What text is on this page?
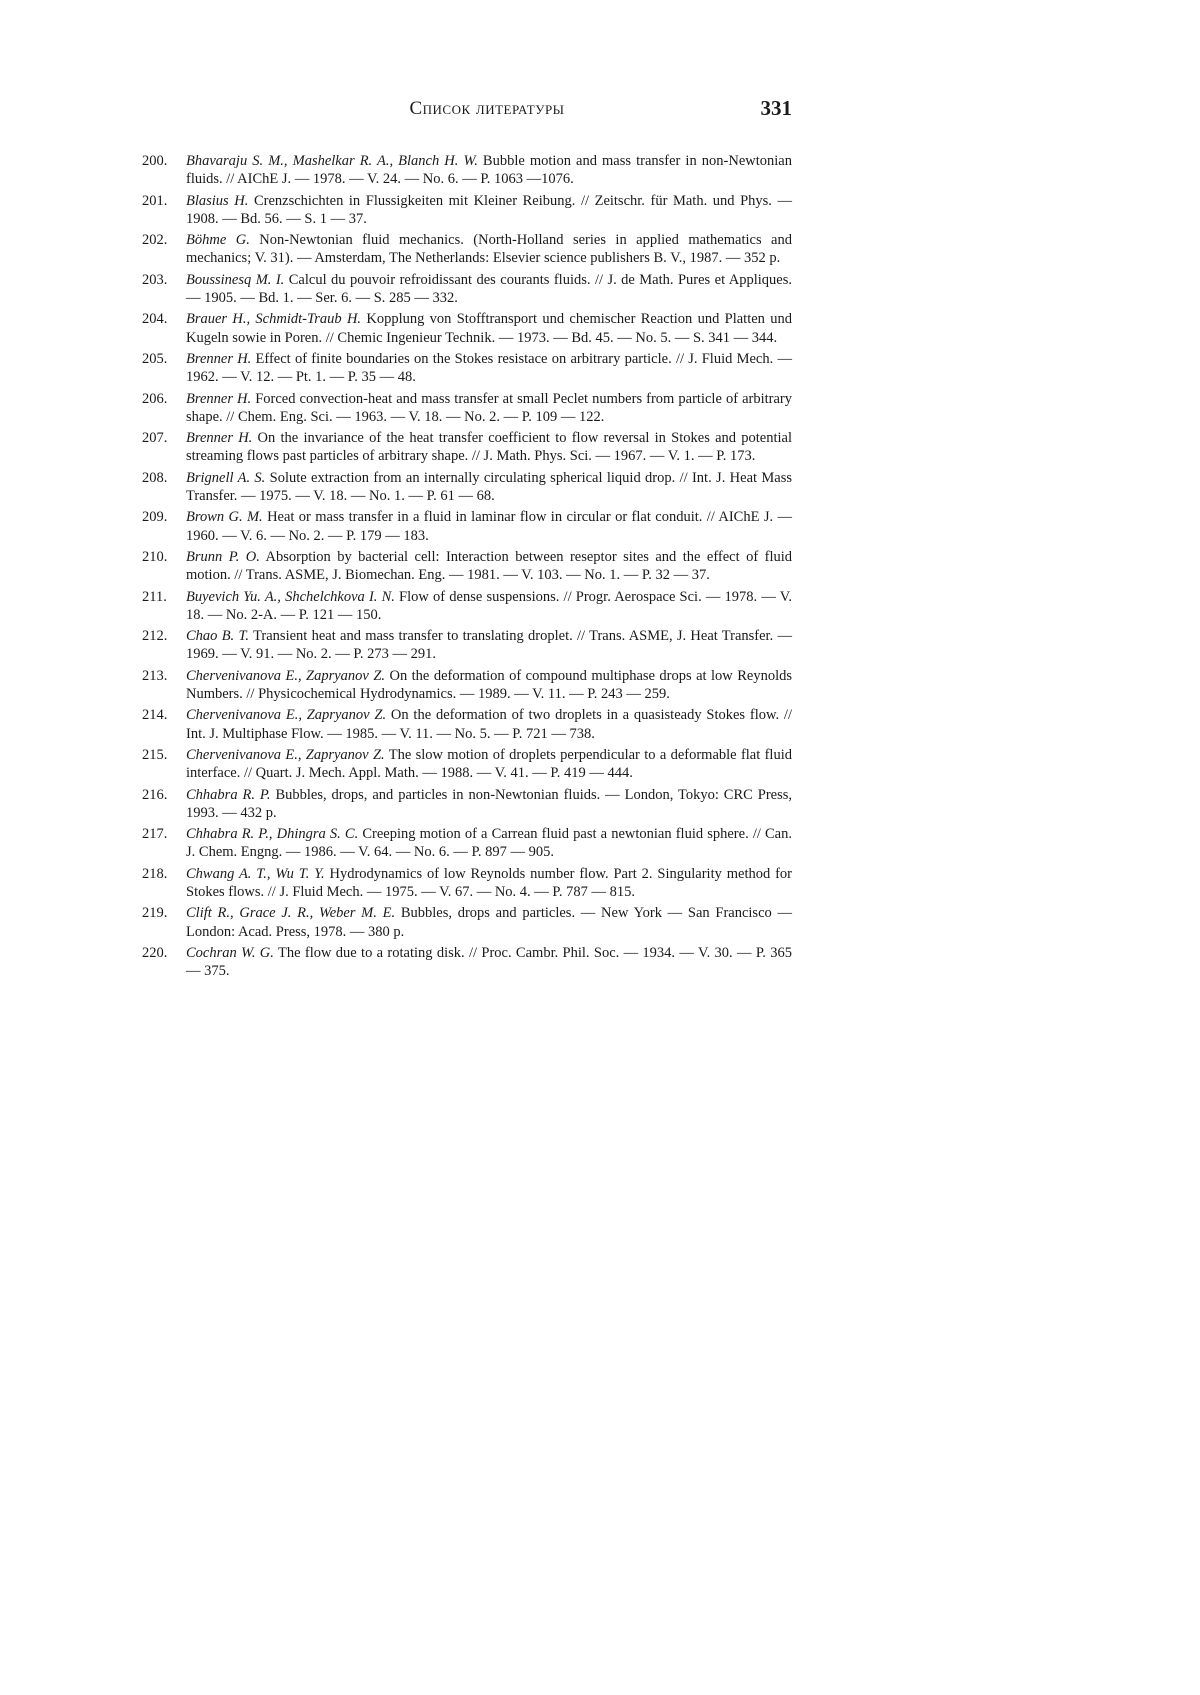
Список литературы	331
200. Bhavaraju S. M., Mashelkar R. A., Blanch H. W. Bubble motion and mass transfer in non-Newtonian fluids. // AIChE J. — 1978. — V. 24. — No. 6. — P. 1063 —1076.
201. Blasius H. Crenzschichten in Flussigkeiten mit Kleiner Reibung. // Zeitschr. für Math. und Phys. — 1908. — Bd. 56. — S. 1 — 37.
202. Böhme G. Non-Newtonian fluid mechanics. (North-Holland series in applied mathematics and mechanics; V. 31). — Amsterdam, The Netherlands: Elsevier science publishers B. V., 1987. — 352 p.
203. Boussinesq M. I. Calcul du pouvoir refroidissant des courants fluids. // J. de Math. Pures et Appliques. — 1905. — Bd. 1. — Ser. 6. — S. 285 — 332.
204. Brauer H., Schmidt-Traub H. Kopplung von Stofftransport und chemischer Reaction und Platten und Kugeln sowie in Poren. // Chemic Ingenieur Technik. — 1973. — Bd. 45. — No. 5. — S. 341 — 344.
205. Brenner H. Effect of finite boundaries on the Stokes resistace on arbitrary particle. // J. Fluid Mech. — 1962. — V. 12. — Pt. 1. — P. 35 — 48.
206. Brenner H. Forced convection-heat and mass transfer at small Peclet numbers from particle of arbitrary shape. // Chem. Eng. Sci. — 1963. — V. 18. — No. 2. — P. 109 — 122.
207. Brenner H. On the invariance of the heat transfer coefficient to flow reversal in Stokes and potential streaming flows past particles of arbitrary shape. // J. Math. Phys. Sci. — 1967. — V. 1. — P. 173.
208. Brignell A. S. Solute extraction from an internally circulating spherical liquid drop. // Int. J. Heat Mass Transfer. — 1975. — V. 18. — No. 1. — P. 61 — 68.
209. Brown G. M. Heat or mass transfer in a fluid in laminar flow in circular or flat conduit. // AIChE J. — 1960. — V. 6. — No. 2. — P. 179 — 183.
210. Brunn P. O. Absorption by bacterial cell: Interaction between reseptor sites and the effect of fluid motion. // Trans. ASME, J. Biomechan. Eng. — 1981. — V. 103. — No. 1. — P. 32 — 37.
211. Buyevich Yu. A., Shchelchkova I. N. Flow of dense suspensions. // Progr. Aerospace Sci. — 1978. — V. 18. — No. 2-A. — P. 121 — 150.
212. Chao B. T. Transient heat and mass transfer to translating droplet. // Trans. ASME, J. Heat Transfer. — 1969. — V. 91. — No. 2. — P. 273 — 291.
213. Chervenivanova E., Zapryanov Z. On the deformation of compound multiphase drops at low Reynolds Numbers. // Physicochemical Hydrodynamics. — 1989. — V. 11. — P. 243 — 259.
214. Chervenivanova E., Zapryanov Z. On the deformation of two droplets in a quasisteady Stokes flow. // Int. J. Multiphase Flow. — 1985. — V. 11. — No. 5. — P. 721 — 738.
215. Chervenivanova E., Zapryanov Z. The slow motion of droplets perpendicular to a deformable flat fluid interface. // Quart. J. Mech. Appl. Math. — 1988. — V. 41. — P. 419 — 444.
216. Chhabra R. P. Bubbles, drops, and particles in non-Newtonian fluids. — London, Tokyo: CRC Press, 1993. — 432 p.
217. Chhabra R. P., Dhingra S. C. Creeping motion of a Carrean fluid past a newtonian fluid sphere. // Can. J. Chem. Engng. — 1986. — V. 64. — No. 6. — P. 897 — 905.
218. Chwang A. T., Wu T. Y. Hydrodynamics of low Reynolds number flow. Part 2. Singularity method for Stokes flows. // J. Fluid Mech. — 1975. — V. 67. — No. 4. — P. 787 — 815.
219. Clift R., Grace J. R., Weber M. E. Bubbles, drops and particles. — New York — San Francisco — London: Acad. Press, 1978. — 380 p.
220. Cochran W. G. The flow due to a rotating disk. // Proc. Cambr. Phil. Soc. — 1934. — V. 30. — P. 365 — 375.
